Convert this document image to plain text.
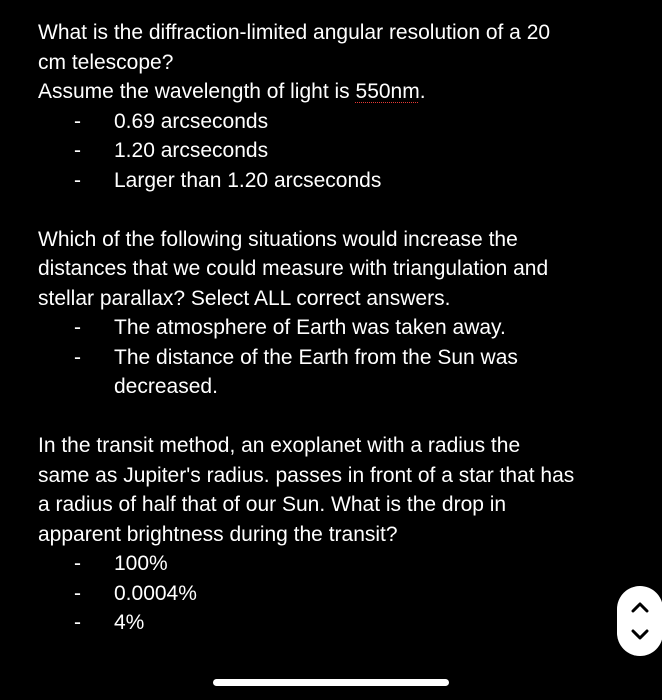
What is the diffraction-limited angular resolution of a 20
cm telescope?
Assume the wavelength of light is 550nm.
- 0.69 arcseconds
- 1.20 arcseconds
- Larger than 1.20 arcseconds
Which of the following situations would increase the
distances that we could measure with triangulation and
stellar parallax? Select ALL correct answers.
- The atmosphere of Earth was taken away.
- The distance of the Earth from the Sun was
decreased.
In the transit method, an exoplanet with a radius the
same as Jupiter's radius. passes in front of a star that has
a radius of half that of our Sun. What is the drop in
apparent brightness during the transit?
- 100%
- 0.0004%
- 4%
